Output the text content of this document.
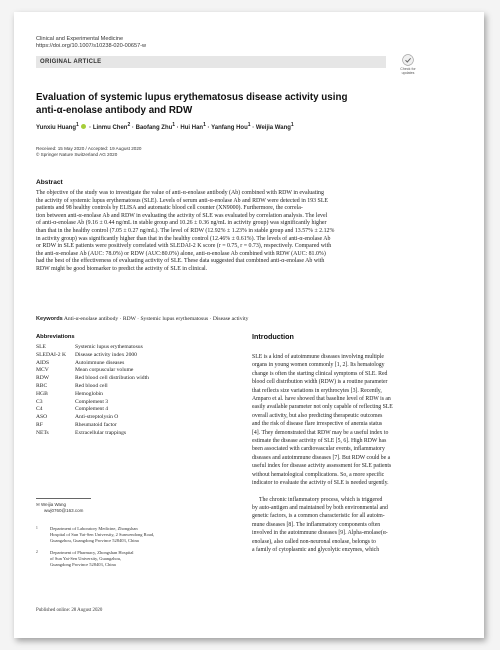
Clinical and Experimental Medicine
https://doi.org/10.1007/s10238-020-00657-w
ORIGINAL ARTICLE
Check for
updates
Evaluation of systemic lupus erythematosus disease activity using
anti-α-enolase antibody and RDW
Yunxiu Huang$^1$  · Linmu Chen$^2$ · Baofang Zhu$^1$ · Hui Han$^1$ · Yanfang Hou$^1$ · Weijia Wang$^1$
Received: 15 May 2020 / Accepted: 19 August 2020
© Springer Nature Switzerland AG 2020
Abstract
The objective of the study was to investigate the value of anti-α-enolase antibody (Ab) combined with RDW in evaluating
the activity of systemic lupus erythematosus (SLE). Levels of serum anti-α-enolase Ab and RDW were detected in 193 SLE
patients and 98 healthy controls by ELISA and automatic blood cell counter (XN9000). Furthermore, the correla-
tion between anti-α-enolase Ab and RDW in evaluating the activity of SLE was evaluated by correlation analysis. The level
of anti-α-enolase Ab (9.16 ± 0.44 ng/mL in stable group and 10.26 ± 0.36 ng/mL in activity group) was significantly higher
than that in the healthy control (7.05 ± 0.27 ng/mL). The level of RDW (12.92% ± 1.23% in stable group and 13.57% ± 2.12%
in activity group) was significantly higher than that in the healthy control (12.46% ± 0.61%). The levels of anti-α-enolase Ab
or RDW in SLE patients were positively correlated with SLEDAI-2 K score (r = 0.75, r = 0.73), respectively. Compared with
the anti-α-enolase Ab (AUC: 78.0%) or RDW (AUC:80.0%) alone, anti-α-enolase Ab combined with RDW (AUC: 81.0%)
had the best of the effectiveness of evaluating activity of SLE. These data suggested that combined anti-α-enolase Ab with
RDW might be good biomarker to predict the activity of SLE in clinical.
Keywords Anti-α-enolase antibody · RDW · Systemic lupus erythematosus · Disease activity
Abbreviations
SLE	Systemic lupus erythematosus
SLEDAI-2 K	Disease activity index 2000
AIDS	Autoimmune diseases
MCV	Mean corpuscular volume
RDW	Red blood cell distribution width
RBC	Red blood cell
HGB	Hemoglobin
C3	Complement 3
C4	Complement 4
ASO	Anti-streptolysin O
RF	Rheumatoid factor
NETs	Extracellular trappings
✉ Weijia Wang
wwj0760@163.com
1	Department of Laboratory Medicine, Zhongshan
Hospital of Sun Yat-Sen University, 2 Sunwendong Road,
Guangzhou, Guangdong Province 528403, China
2	Department of Pharmacy, Zhongshan Hospital
of Sun Yat-Sen University, Guangzhou,
Guangdong Province 528403, China
Published online: 28 August 2020
Introduction
SLE is a kind of autoimmune diseases involving multiple
organs in young women commonly [1, 2]. Its hematology
change is often the starting clinical symptoms of SLE. Red
blood cell distribution width (RDW) is a routine parameter
that reflects size variations in erythrocytes [3]. Recently,
Amparo et al. have showed that baseline level of RDW is an
easily available parameter not only capable of reflecting SLE
overall activity, but also predicting therapeutic outcomes
and the risk of disease flare irrespective of anemia status
[4]. They demonstrated that RDW may be a useful index to
estimate the disease activity of SLE [5, 6]. High RDW has
been associated with cardiovascular events, inflammatory
diseases and autoimmune diseases [7]. But RDW could be a
useful index for disease activity assessment for SLE patients
without hematological complications. So, a more specific
indicator to evaluate the activity of SLE is needed urgently.
The chronic inflammatory process, which is triggered
by auto-antigen and maintained by both environmental and
genetic factors, is a common characteristic for all autoim-
mune diseases [8]. The inflammatory components often
involved in the autoimmune diseases [9]. Alpha-enolase(α-
enolase), also called non-neuronal enolase, belongs to
a family of cytoplasmic and glycolytic enzymes, which
